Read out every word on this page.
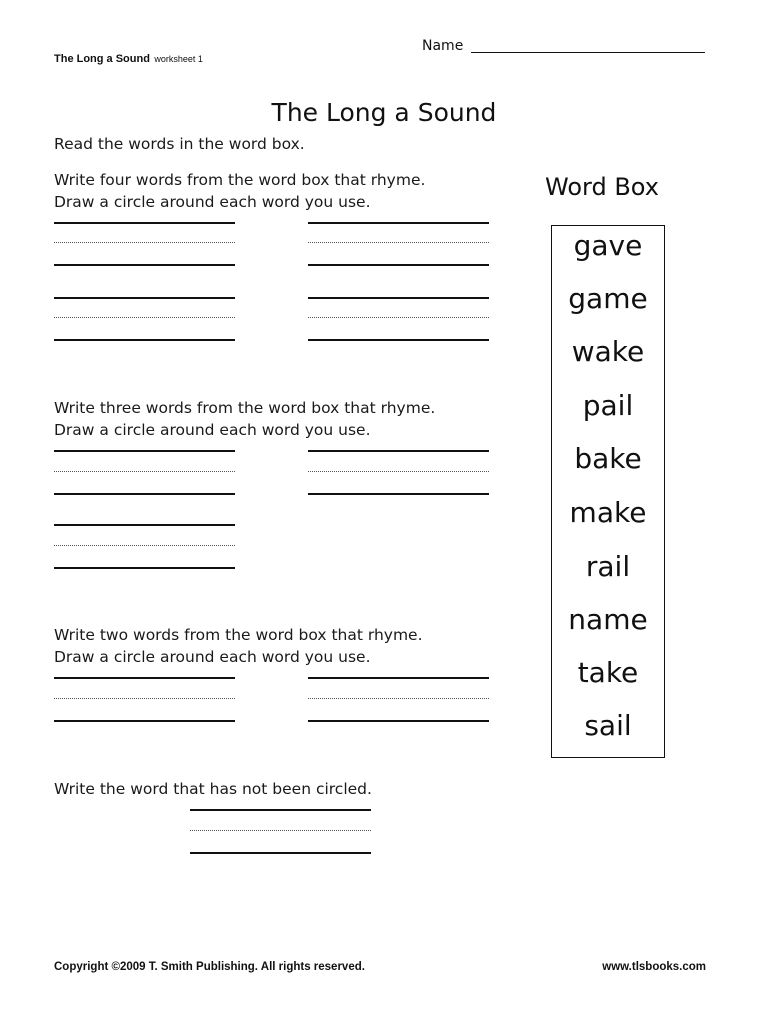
The Long a Sound worksheet 1
Name
The Long a Sound
Read the words in the word box.
Write four words from the word box that rhyme.
Draw a circle around each word you use.
Write three words from the word box that rhyme.
Draw a circle around each word you use.
Write two words from the word box that rhyme.
Draw a circle around each word you use.
Write the word that has not been circled.
Word Box
gave
game
wake
pail
bake
make
rail
name
take
sail
Copyright ©2009 T. Smith Publishing. All rights reserved.	www.tlsbooks.com
